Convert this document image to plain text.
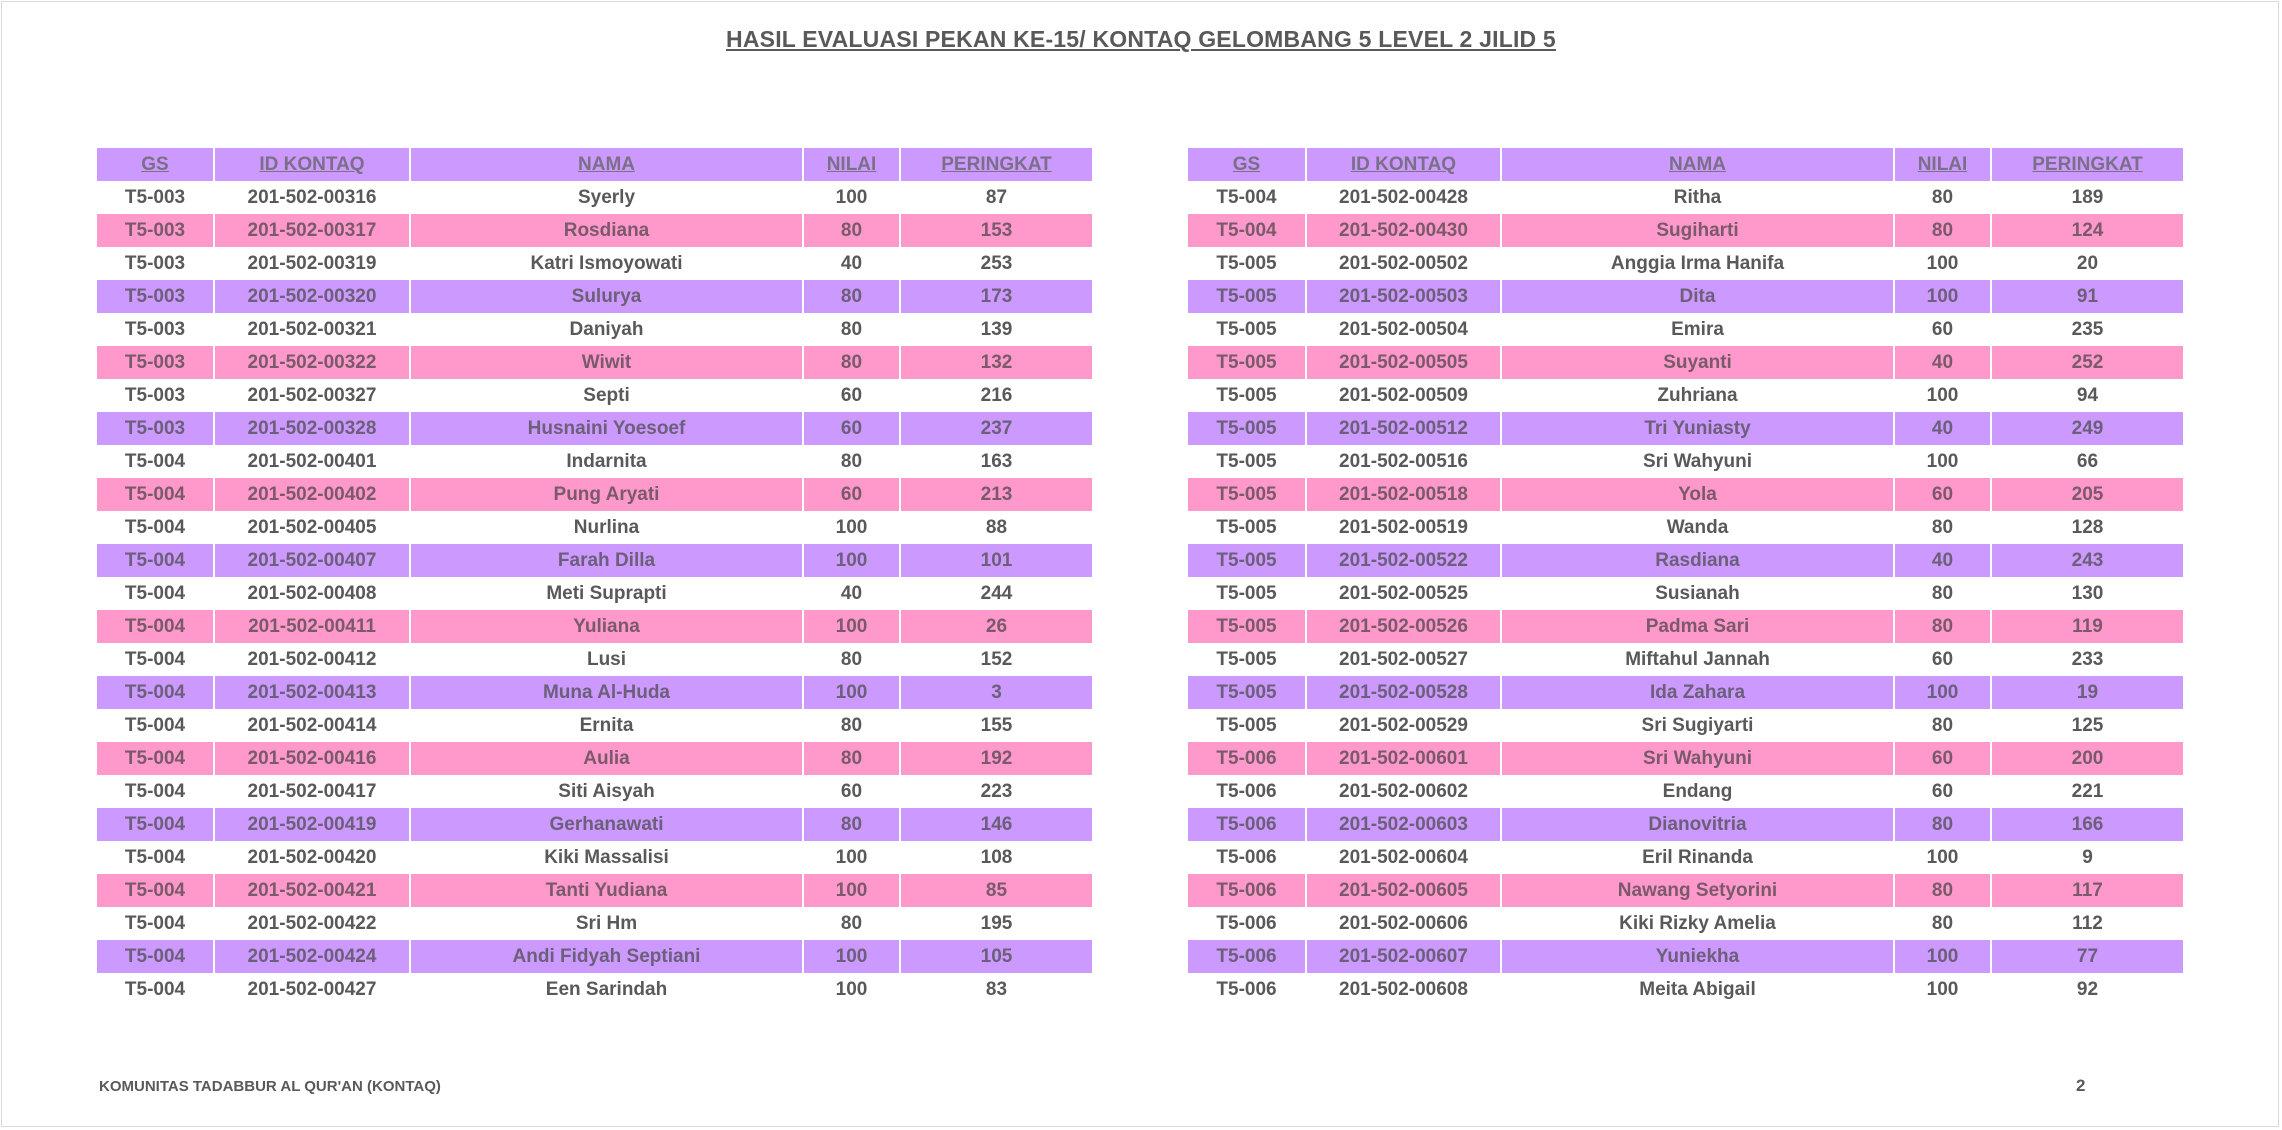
HASIL EVALUASI PEKAN KE-15/ KONTAQ GELOMBANG 5 LEVEL 2 JILID 5
GS	ID KONTAQ	NAMA	NILAI	PERINGKAT
T5-003	201-502-00316	Syerly	100	87
T5-003	201-502-00317	Rosdiana	80	153
T5-003	201-502-00319	Katri Ismoyowati	40	253
T5-003	201-502-00320	Sulurya	80	173
T5-003	201-502-00321	Daniyah	80	139
T5-003	201-502-00322	Wiwit	80	132
T5-003	201-502-00327	Septi	60	216
T5-003	201-502-00328	Husnaini Yoesoef	60	237
T5-004	201-502-00401	Indarnita	80	163
T5-004	201-502-00402	Pung Aryati	60	213
T5-004	201-502-00405	Nurlina	100	88
T5-004	201-502-00407	Farah Dilla	100	101
T5-004	201-502-00408	Meti Suprapti	40	244
T5-004	201-502-00411	Yuliana	100	26
T5-004	201-502-00412	Lusi	80	152
T5-004	201-502-00413	Muna Al-Huda	100	3
T5-004	201-502-00414	Ernita	80	155
T5-004	201-502-00416	Aulia	80	192
T5-004	201-502-00417	Siti Aisyah	60	223
T5-004	201-502-00419	Gerhanawati	80	146
T5-004	201-502-00420	Kiki Massalisi	100	108
T5-004	201-502-00421	Tanti Yudiana	100	85
T5-004	201-502-00422	Sri Hm	80	195
T5-004	201-502-00424	Andi Fidyah Septiani	100	105
T5-004	201-502-00427	Een Sarindah	100	83
GS	ID KONTAQ	NAMA	NILAI	PERINGKAT
T5-004	201-502-00428	Ritha	80	189
T5-004	201-502-00430	Sugiharti	80	124
T5-005	201-502-00502	Anggia Irma Hanifa	100	20
T5-005	201-502-00503	Dita	100	91
T5-005	201-502-00504	Emira	60	235
T5-005	201-502-00505	Suyanti	40	252
T5-005	201-502-00509	Zuhriana	100	94
T5-005	201-502-00512	Tri Yuniasty	40	249
T5-005	201-502-00516	Sri Wahyuni	100	66
T5-005	201-502-00518	Yola	60	205
T5-005	201-502-00519	Wanda	80	128
T5-005	201-502-00522	Rasdiana	40	243
T5-005	201-502-00525	Susianah	80	130
T5-005	201-502-00526	Padma Sari	80	119
T5-005	201-502-00527	Miftahul Jannah	60	233
T5-005	201-502-00528	Ida Zahara	100	19
T5-005	201-502-00529	Sri Sugiyarti	80	125
T5-006	201-502-00601	Sri Wahyuni	60	200
T5-006	201-502-00602	Endang	60	221
T5-006	201-502-00603	Dianovitria	80	166
T5-006	201-502-00604	Eril Rinanda	100	9
T5-006	201-502-00605	Nawang Setyorini	80	117
T5-006	201-502-00606	Kiki Rizky Amelia	80	112
T5-006	201-502-00607	Yuniekha	100	77
T5-006	201-502-00608	Meita Abigail	100	92
KOMUNITAS TADABBUR AL QUR'AN (KONTAQ)	2
